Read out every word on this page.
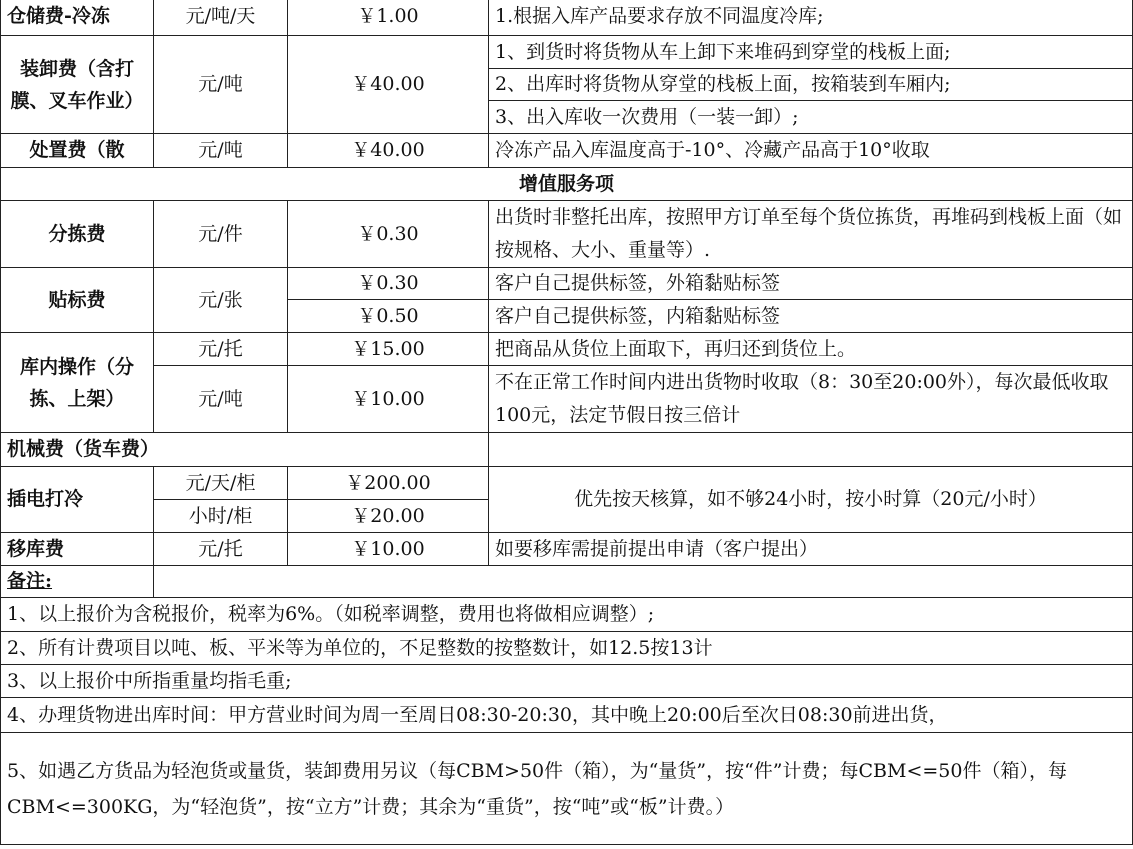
仓储费-冷冻	元/吨/天	￥1.00	1.根据入库产品要求存放不同温度冷库;
装卸费（含打膜、叉车作业）	元/吨	￥40.00	1、到货时将货物从车上卸下来堆码到穿堂的栈板上面;
			2、出库时将货物从穿堂的栈板上面，按箱装到车厢内;
			3、出入库收一次费用（一装一卸）;
处置费（散	元/吨	￥40.00	冷冻产品入库温度高于-10°、冷藏产品高于10°收取
增值服务项			
分拣费	元/件	￥0.30	出货时非整托出库，按照甲方订单至每个货位拣货，再堆码到栈板上面（如按规格、大小、重量等）.
贴标费	元/张	￥0.30	客户自己提供标签，外箱黏贴标签
		￥0.50	客户自己提供标签，内箱黏贴标签
库内操作（分拣、上架）	元/托	￥15.00	把商品从货位上面取下，再归还到货位上。
	元/吨	￥10.00	不在正常工作时间内进出货物时收取（8：30至20:00外），每次最低收取100元，法定节假日按三倍计
机械费（货车费）			
插电打冷	元/天/柜	￥200.00	优先按天核算，如不够24小时，按小时算（20元/小时）
	小时/柜	￥20.00	
移库费	元/托	￥10.00	如要移库需提前提出申请（客户提出）
备注:			
1、以上报价为含税报价，税率为6%。（如税率调整，费用也将做相应调整）;			
2、所有计费项目以吨、板、平米等为单位的，不足整数的按整数计，如12.5按13计			
3、以上报价中所指重量均指毛重;			
4、办理货物进出库时间：甲方营业时间为周一至周日08:30-20:30，其中晚上20:00后至次日08:30前进出货，			
5、如遇乙方货品为轻泡货或量货，装卸费用另议（每CBM>50件（箱），为“量货”，按“件”计费；每CBM<=50件（箱），每CBM<=300KG，为“轻泡货”，按“立方”计费；其余为“重货”，按“吨”或“板”计费。）			
